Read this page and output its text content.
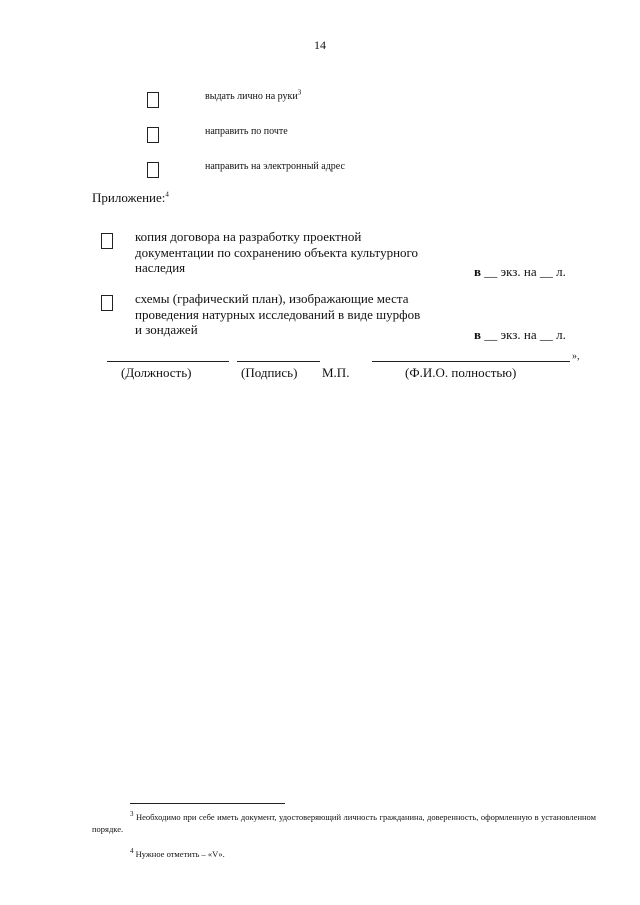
14
выдать лично на руки$^3$
направить по почте
направить на электронный адрес
Приложение:$^4$
копия договора на разработку проектной
документации по сохранению объекта культурного
наследия	в __ экз. на __ л.
схемы (графический план), изображающие места
проведения натурных исследований в виде шурфов
и зондажей	в __ экз. на __ л.
»,
(Должность)	(Подпись) М.П.	(Ф.И.О. полностью)
$^3$ Необходимо при себе иметь документ, удостоверяющий личность гражданина, доверенность, оформленную в установленном порядке.
$^4$ Нужное отметить – «V».
